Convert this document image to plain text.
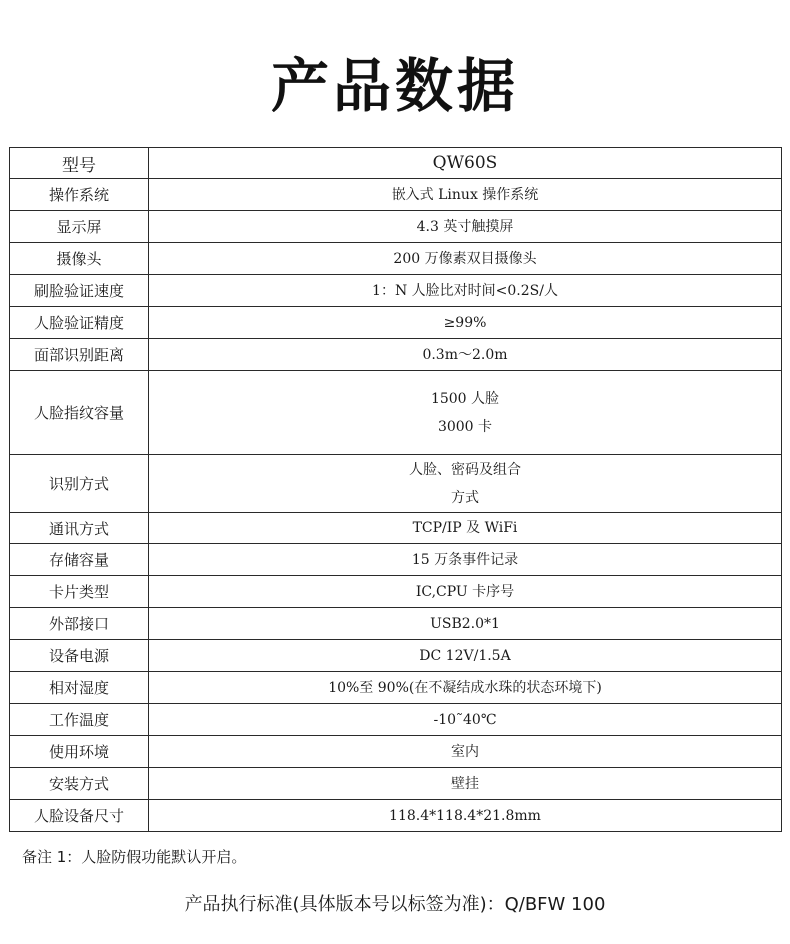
产品数据
型号	QW60S

操作系统	嵌入式 Linux 操作系统

显示屏	4.3 英寸触摸屏

摄像头	200 万像素双目摄像头

刷脸验证速度	1：N 人脸比对时间<0.2S/人

人脸验证精度	≥99%

面部识别距离	0.3m～2.0m

人脸指纹容量	1500 人脸
3000 卡

识别方式	人脸、密码及组合
方式

通讯方式	TCP/IP 及 WiFi

存储容量	15 万条事件记录

卡片类型	IC,CPU 卡序号

外部接口	USB2.0*1

设备电源	DC 12V/1.5A

相对湿度	10%至 90%(在不凝结成水珠的状态环境下)

工作温度	-10˜40℃

使用环境	室内

安装方式	壁挂

人脸设备尺寸	118.4*118.4*21.8mm
备注 1：人脸防假功能默认开启。
产品执行标准(具体版本号以标签为准)：Q/BFW 100
